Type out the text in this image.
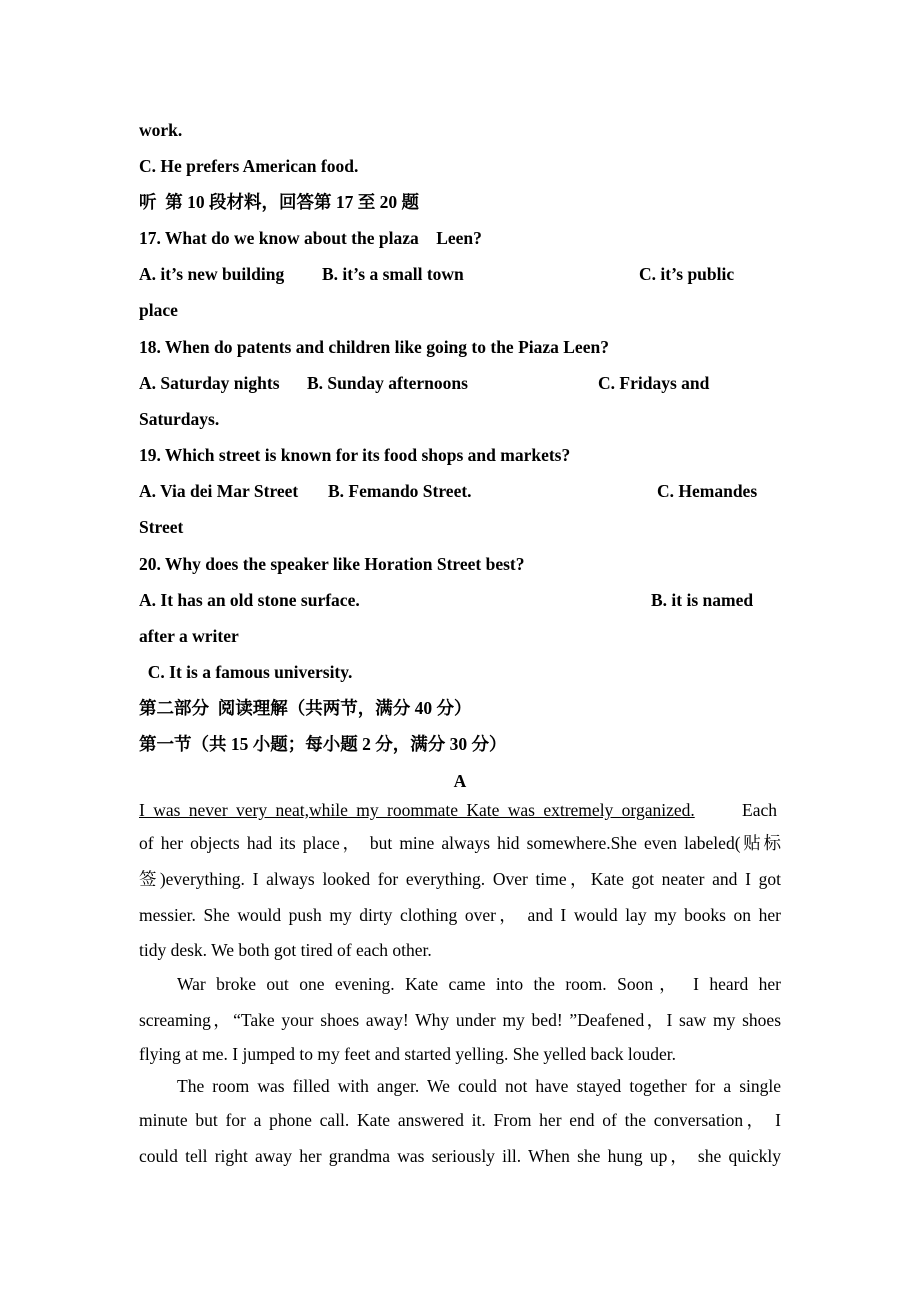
work.
C. He prefers American food.
听  第 10 段材料，回答第 17 至 20 题
17. What do we know about the plaza    Leen?
A. it’s new building B. it’s a small town	C. it’s public
place
18. When do patents and children like going to the Piaza Leen?
A. Saturday nights B. Sunday afternoons	C. Fridays and
Saturdays.
19. Which street is known for its food shops and markets?
A. Via dei Mar Street B. Femando Street.	C. Hemandes
Street
20. Why does the speaker like Horation Street best?
A. It has an old stone surface.	B. it is named
after a writer
C. It is a famous university.
第二部分  阅读理解（共两节，满分 40 分）
第一节（共 15 小题；每小题 2 分，满分 30 分）
A
I was never very neat,while my roommate Kate was extremely organized.	Each
of her objects had its place， but mine always hid somewhere.She even labeled(贴标
签)everything. I always looked for everything. Over time，Kate got neater and I got
messier. She would push my dirty clothing over， and I would lay my books on her
tidy desk. We both got tired of each other.
War broke out one evening. Kate came into the room. Soon， I heard her
screaming，“Take your shoes away! Why under my bed! ”Deafened，I saw my shoes
flying at me. I jumped to my feet and started yelling. She yelled back louder.
The room was filled with anger. We could not have stayed together for a single
minute but for a phone call. Kate answered it. From her end of the conversation， I
could tell right away her grandma was seriously ill. When she hung up， she quickly
